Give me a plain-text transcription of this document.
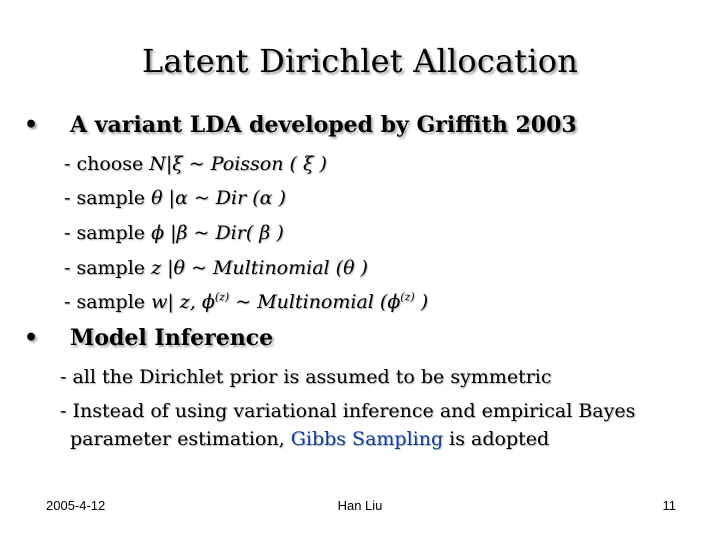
Latent Dirichlet Allocation
• A variant LDA developed by Griffith 2003
- choose N|ξ ~ Poisson ( ξ )
- sample θ |α ~ Dir (α )
- sample ϕ |β ~ Dir( β )
- sample z |θ ~ Multinomial (θ )
- sample w| z, $\phi^{(z)}$ ~ Multinomial ($\phi^{(z)}$ )
• Model Inference
- all the Dirichlet prior is assumed to be symmetric
- Instead of using variational inference and empirical Bayes
parameter estimation, Gibbs Sampling is adopted
2005-4-12	Han Liu	11
